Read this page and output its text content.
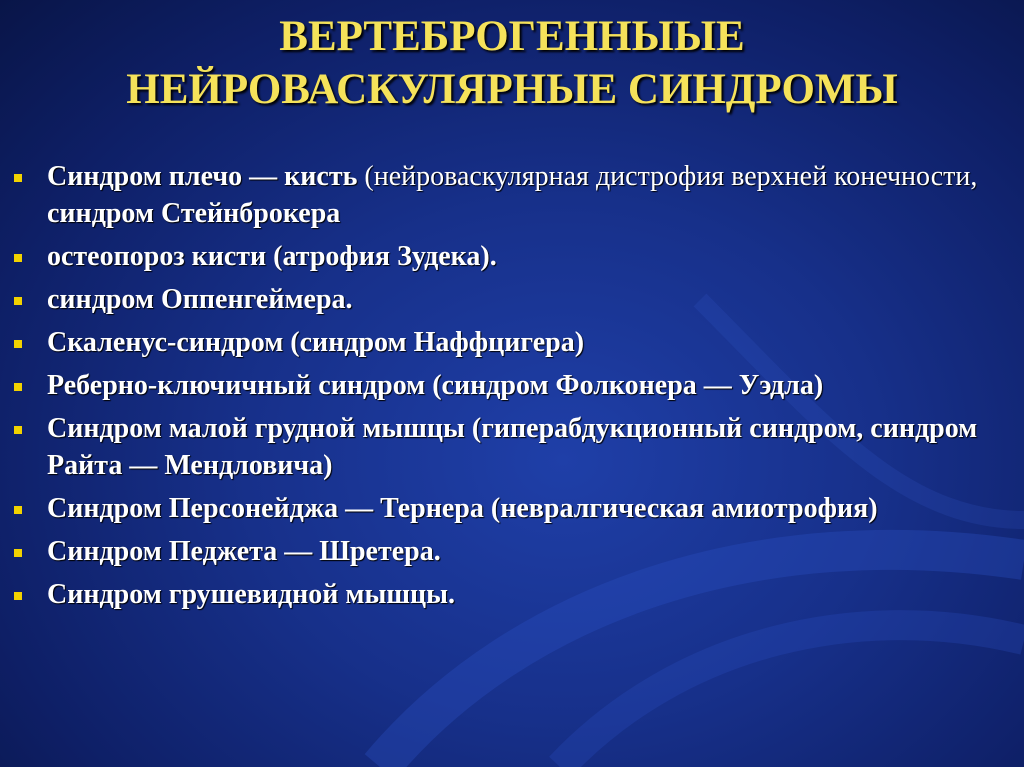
ВЕРТЕБРОГЕННЫЫЕ
НЕЙРОВАСКУЛЯРНЫЕ СИНДРОМЫ
Синдром плечо — кисть (нейроваскулярная дистрофия верхней конечности, синдром Стейнброкера
остеопороз кисти (атрофия Зудека).
синдром Оппенгеймера.
Скаленус-синдром (синдром Наффцигера)
Реберно-ключичный синдром (синдром Фолконера — Уэдла)
Синдром малой грудной мышцы (гиперабдукционный синдром, синдром Райта — Мендловича)
Синдром Персонейджа — Тернера (невралгическая амиотрофия)
Синдром Педжета — Шретера.
Синдром грушевидной мышцы.
